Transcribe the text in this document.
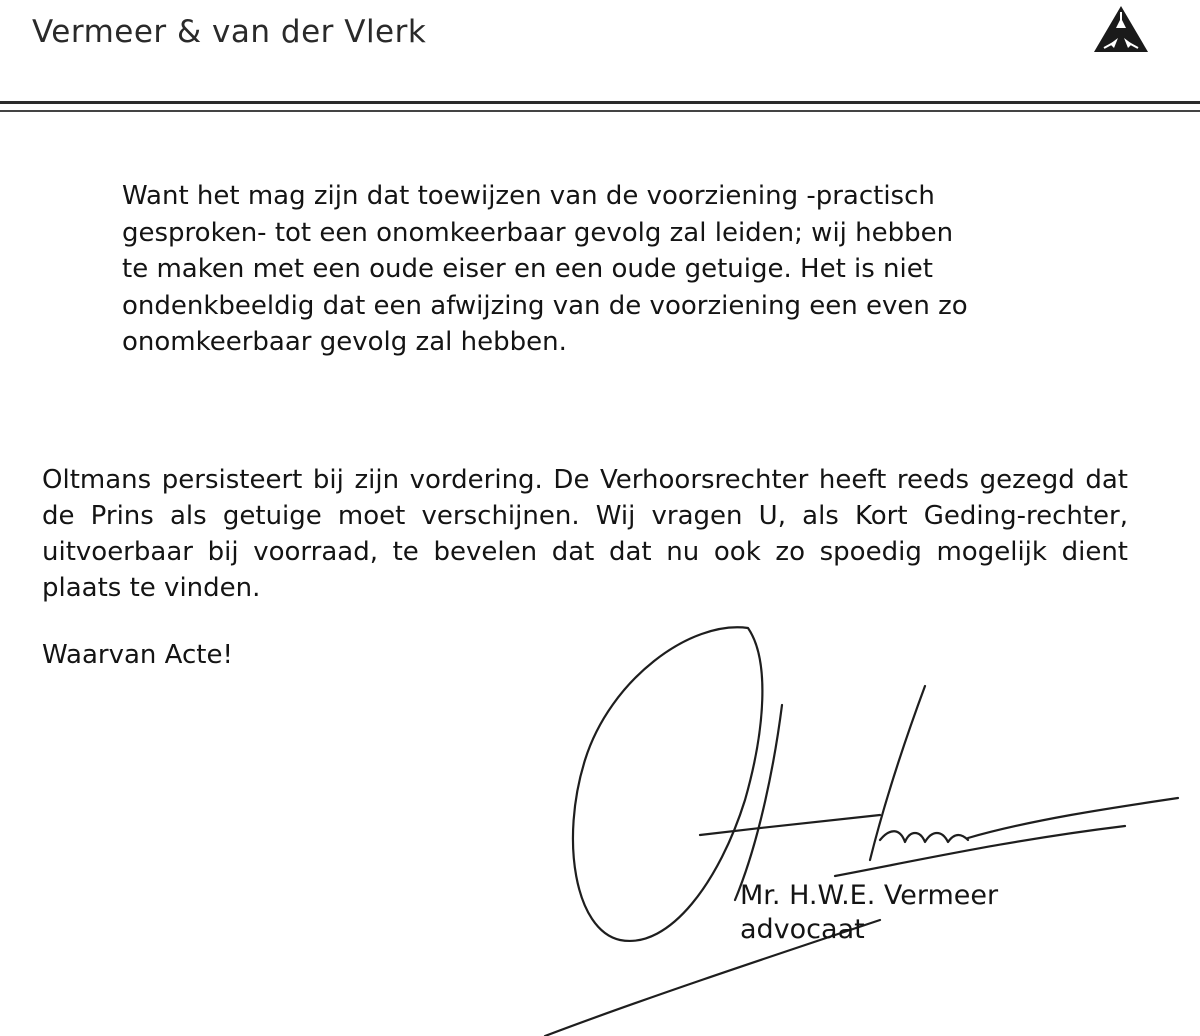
Vermeer & van der Vlerk
Want het mag zijn dat toewijzen van de voorziening -practisch
gesproken- tot een onomkeerbaar gevolg zal leiden; wij hebben
te maken met een oude eiser en een oude getuige. Het is niet
ondenkbeeldig dat een afwijzing van de voorziening een even zo
onomkeerbaar gevolg zal hebben.

Oltmans persisteert bij zijn vordering. De Verhoorsrechter heeft reeds gezegd dat de Prins als getuige moet verschijnen. Wij vragen U, als Kort Geding-rechter, uitvoerbaar bij voorraad, te bevelen dat dat nu ook zo spoedig mogelijk dient plaats te vinden.

Waarvan Acte!

Mr. H.W.E. Vermeer

advocaat
